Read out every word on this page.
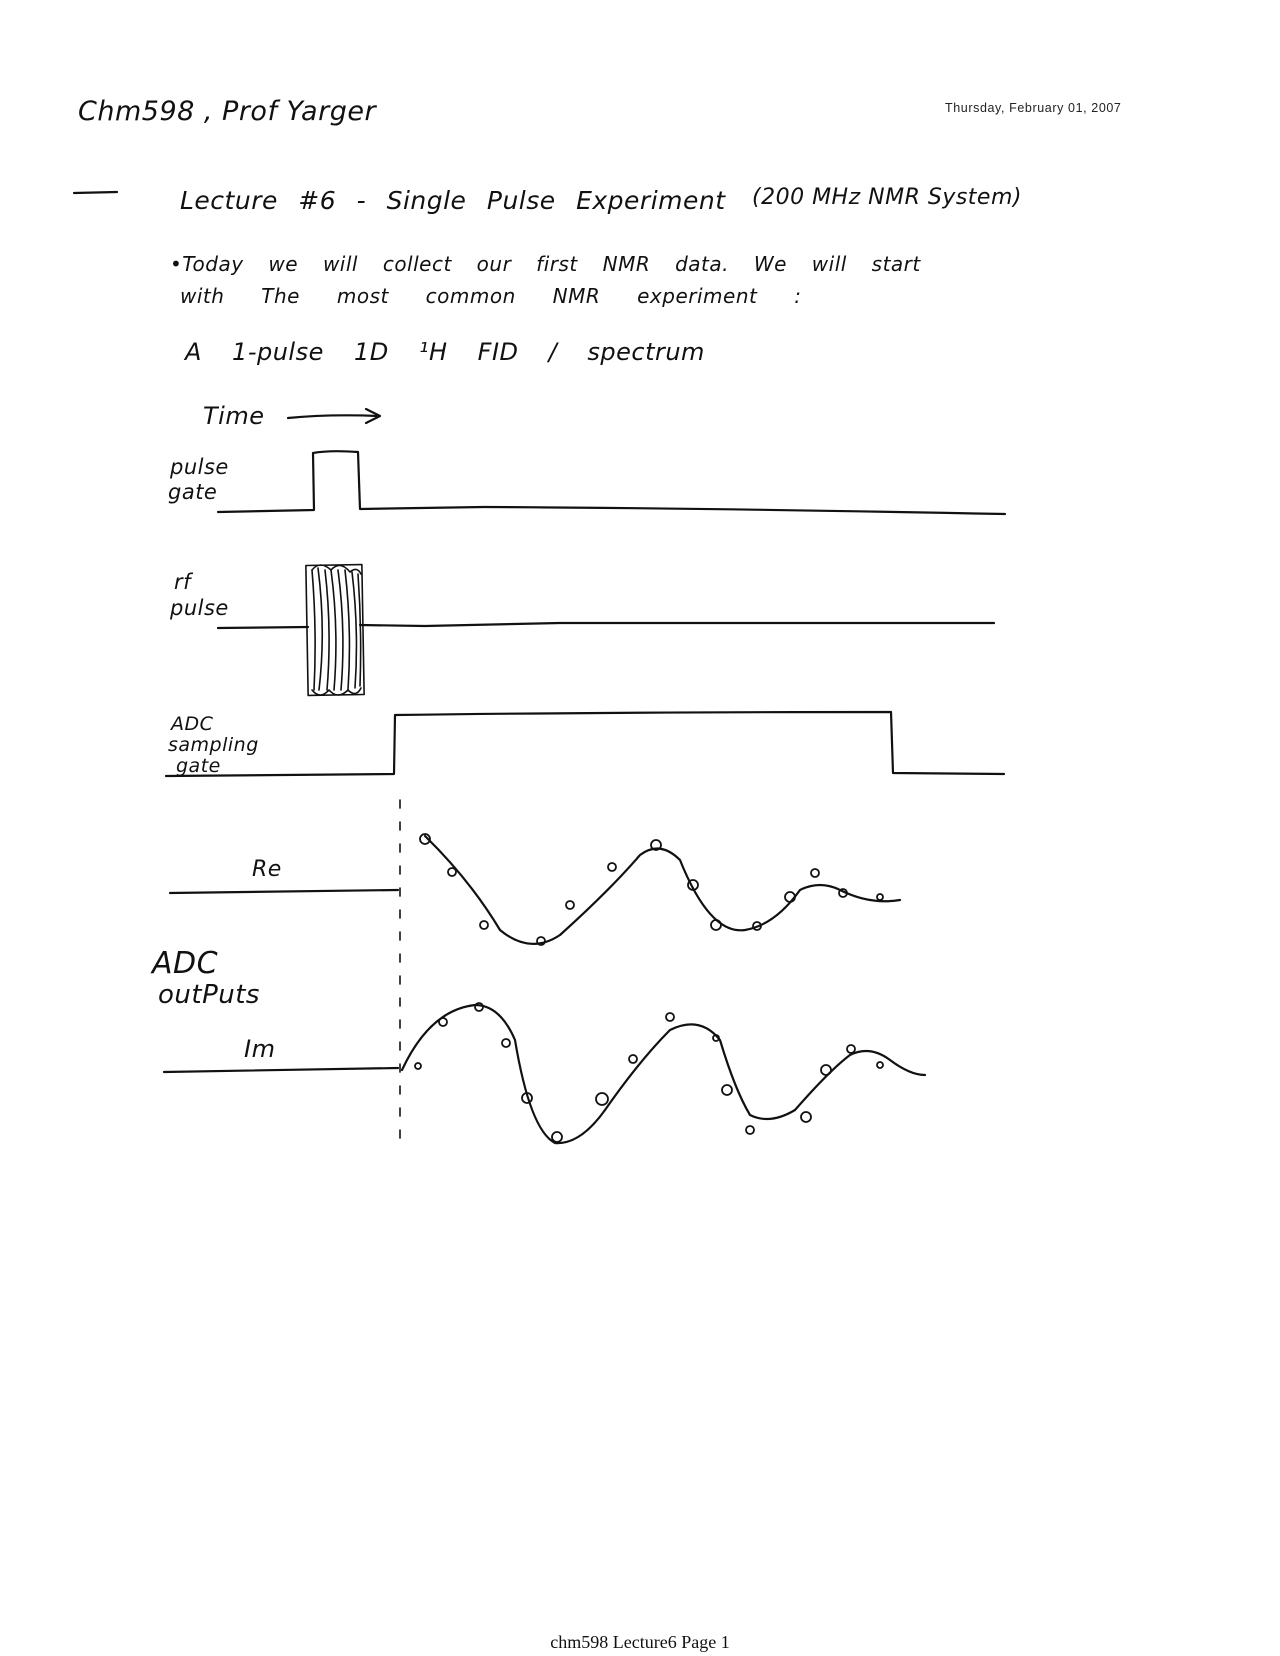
Chm598 , Prof Yarger	Thursday, February 01, 2007
Lecture #6 - Single Pulse Experiment (200 MHz NMR System)
•Today we will collect our first NMR data. We will start
with The most common NMR experiment :
A 1-pulse 1D ¹H FID / spectrum
Time
pulse
gate
rf
pulse
ADC
sampling
gate
Re
ADC
outPuts
Im
chm598 Lecture6 Page 1
